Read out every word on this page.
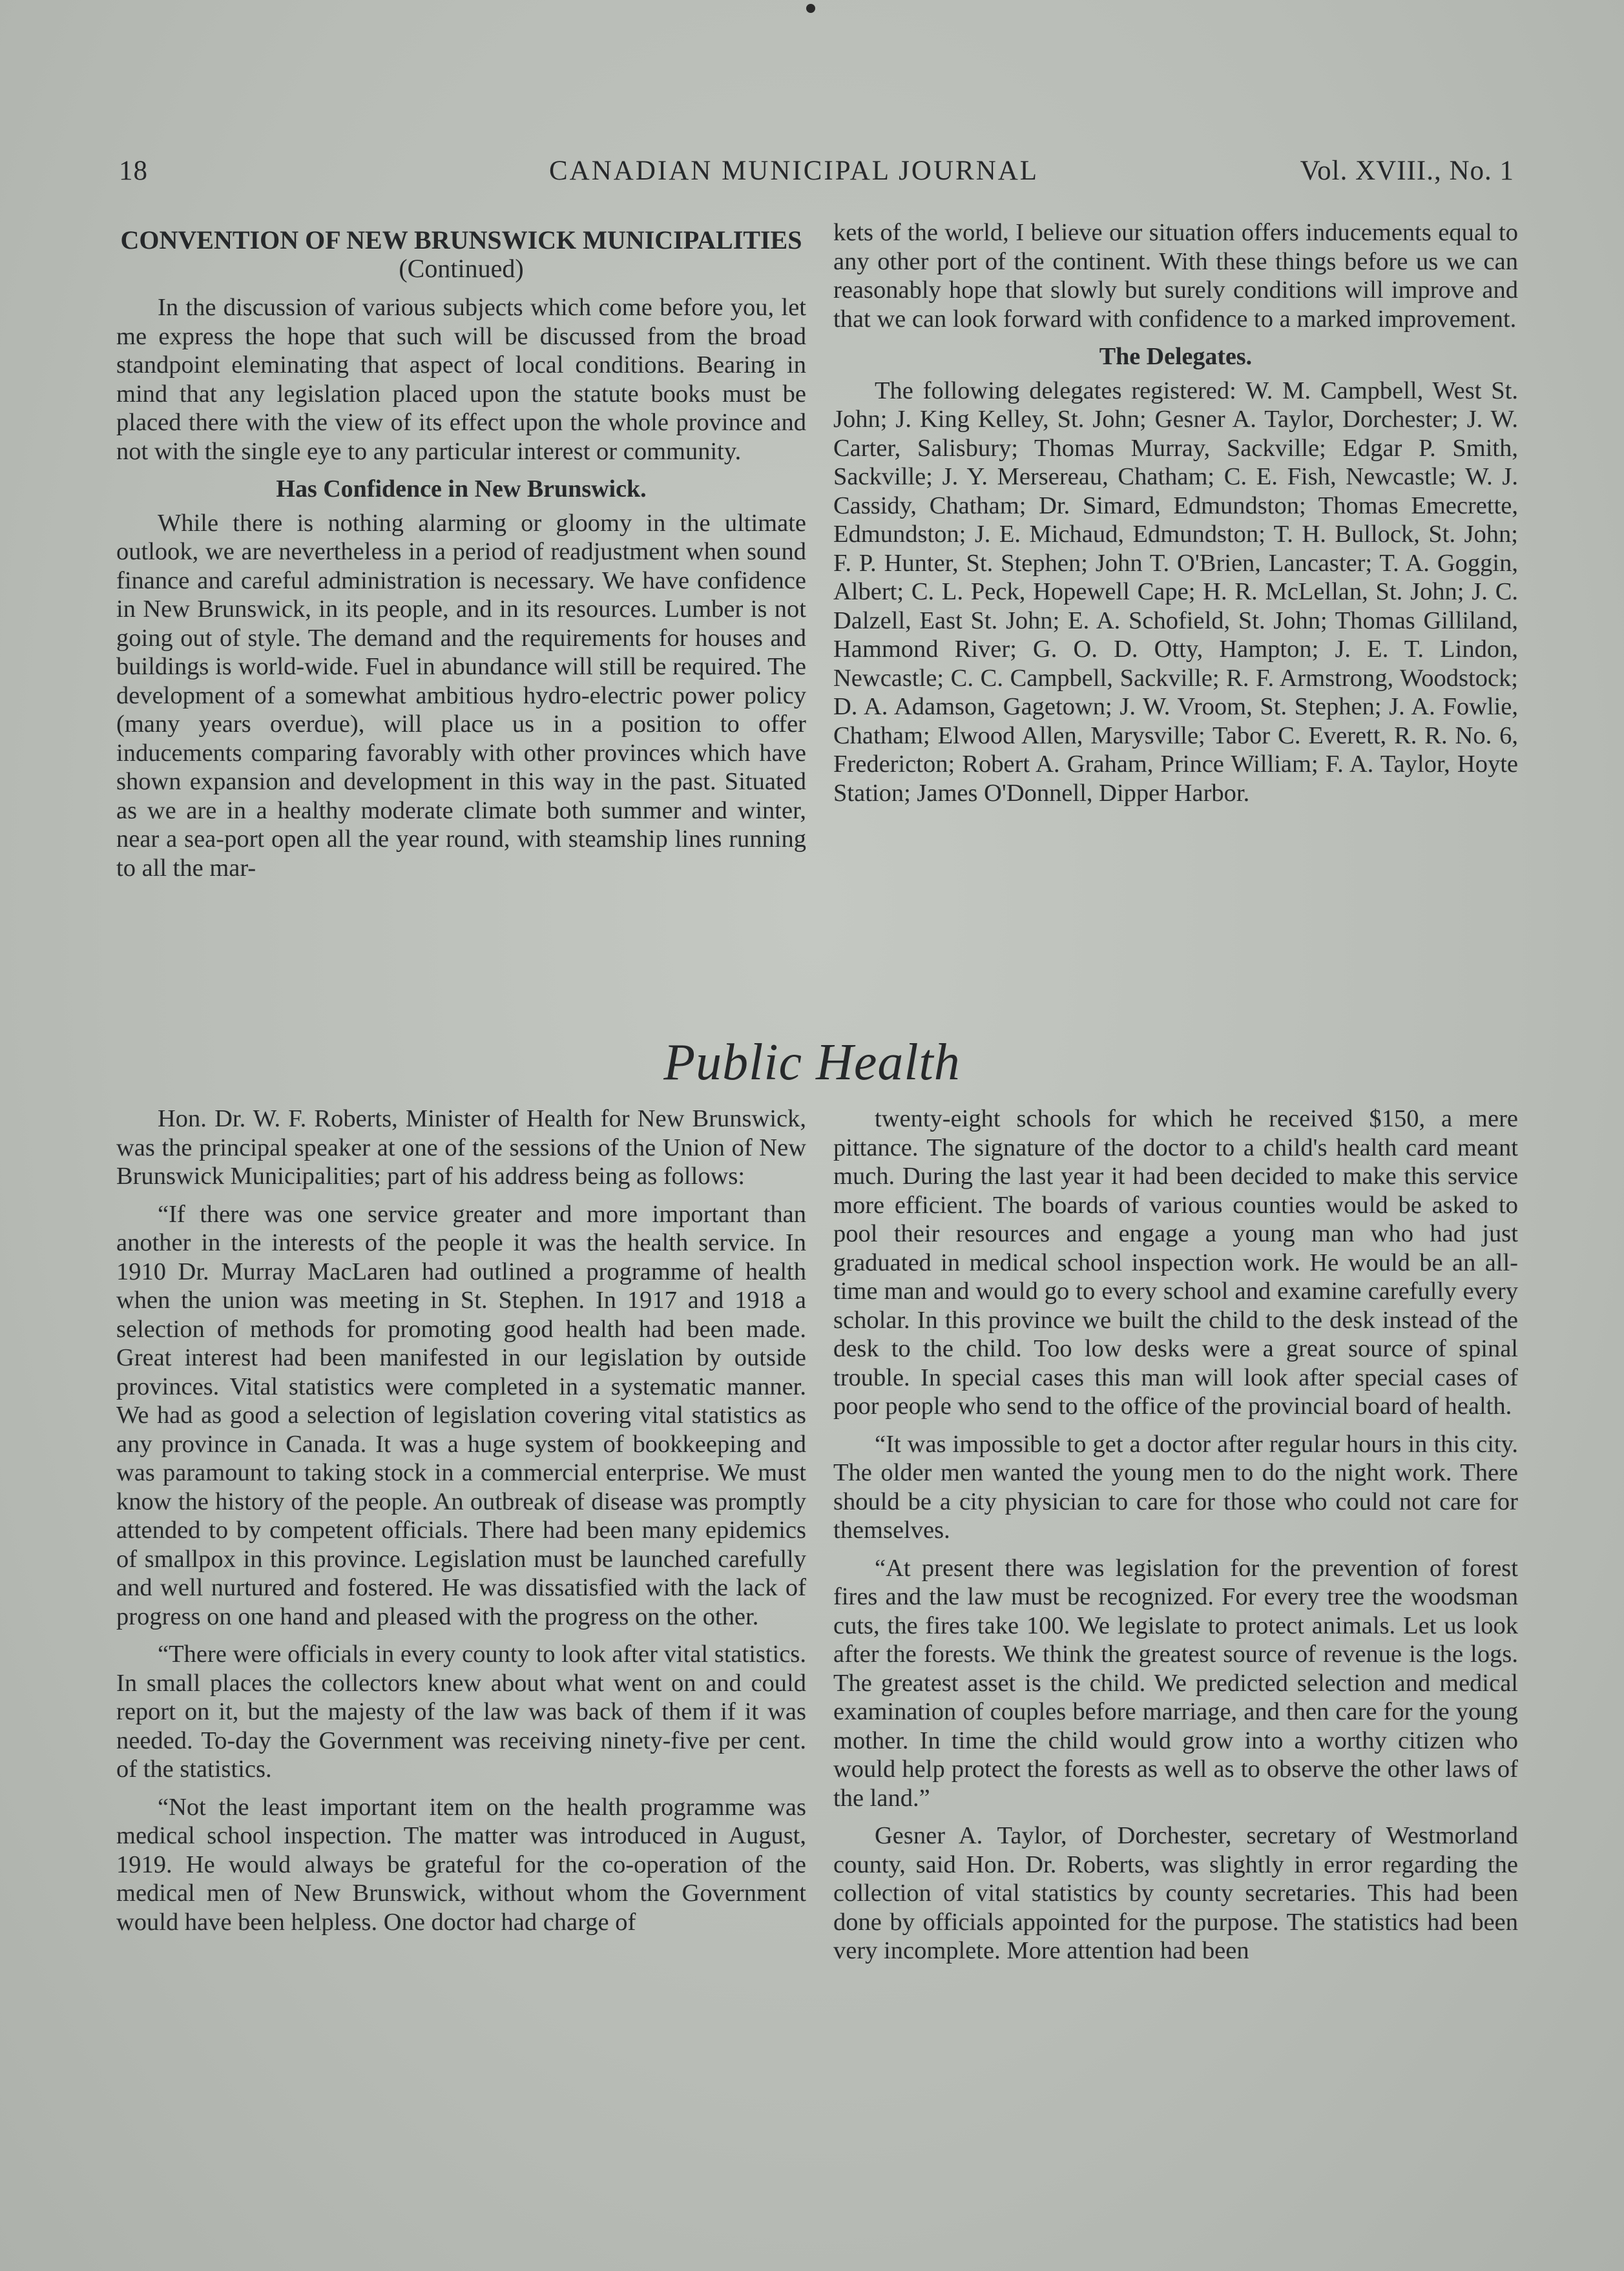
18	CANADIAN MUNICIPAL JOURNAL	Vol. XVIII., No. 1
CONVENTION OF NEW BRUNSWICK MUNICIPALITIES (Continued)

In the discussion of various subjects which come before you, let me express the hope that such will be discussed from the broad standpoint eleminating that aspect of local conditions. Bearing in mind that any legislation placed upon the statute books must be placed there with the view of its effect upon the whole province and not with the single eye to any particular interest or community.

Has Confidence in New Brunswick.

While there is nothing alarming or gloomy in the ultimate outlook, we are nevertheless in a period of readjustment when sound finance and careful administration is necessary. We have confidence in New Brunswick, in its people, and in its resources. Lumber is not going out of style. The demand and the requirements for houses and buildings is world-wide. Fuel in abundance will still be required. The development of a somewhat ambitious hydro-electric power policy (many years overdue), will place us in a position to offer inducements comparing favorably with other provinces which have shown expansion and development in this way in the past. Situated as we are in a healthy moderate climate both summer and winter, near a sea-port open all the year round, with steamship lines running to all the mar-

kets of the world, I believe our situation offers inducements equal to any other port of the continent. With these things before us we can reasonably hope that slowly but surely conditions will improve and that we can look forward with confidence to a marked improvement.

The Delegates.

The following delegates registered: W. M. Campbell, West St. John; J. King Kelley, St. John; Gesner A. Taylor, Dorchester; J. W. Carter, Salisbury; Thomas Murray, Sackville; Edgar P. Smith, Sackville; J. Y. Mersereau, Chatham; C. E. Fish, Newcastle; W. J. Cassidy, Chatham; Dr. Simard, Edmundston; Thomas Emecrette, Edmundston; J. E. Michaud, Edmundston; T. H. Bullock, St. John; F. P. Hunter, St. Stephen; John T. O'Brien, Lancaster; T. A. Goggin, Albert; C. L. Peck, Hopewell Cape; H. R. McLellan, St. John; J. C. Dalzell, East St. John; E. A. Schofield, St. John; Thomas Gilliland, Hammond River; G. O. D. Otty, Hampton; J. E. T. Lindon, Newcastle; C. C. Campbell, Sackville; R. F. Armstrong, Woodstock; D. A. Adamson, Gagetown; J. W. Vroom, St. Stephen; J. A. Fowlie, Chatham; Elwood Allen, Marysville; Tabor C. Everett, R. R. No. 6, Fredericton; Robert A. Graham, Prince William; F. A. Taylor, Hoyte Station; James O'Donnell, Dipper Harbor.

Public Health

Hon. Dr. W. F. Roberts, Minister of Health for New Brunswick, was the principal speaker at one of the sessions of the Union of New Brunswick Municipalities; part of his address being as follows:

“If there was one service greater and more important than another in the interests of the people it was the health service. In 1910 Dr. Murray MacLaren had outlined a programme of health when the union was meeting in St. Stephen. In 1917 and 1918 a selection of methods for promoting good health had been made. Great interest had been manifested in our legislation by outside provinces. Vital statistics were completed in a systematic manner. We had as good a selection of legislation covering vital statistics as any province in Canada. It was a huge system of bookkeeping and was paramount to taking stock in a commercial enterprise. We must know the history of the people. An outbreak of disease was promptly attended to by competent officials. There had been many epidemics of smallpox in this province. Legislation must be launched carefully and well nurtured and fostered. He was dissatisfied with the lack of progress on one hand and pleased with the progress on the other.

“There were officials in every county to look after vital statistics. In small places the collectors knew about what went on and could report on it, but the majesty of the law was back of them if it was needed. To-day the Government was receiving ninety-five per cent. of the statistics.

“Not the least important item on the health programme was medical school inspection. The matter was introduced in August, 1919. He would always be grateful for the co-operation of the medical men of New Brunswick, without whom the Government would have been helpless. One doctor had charge of

twenty-eight schools for which he received $150, a mere pittance. The signature of the doctor to a child's health card meant much. During the last year it had been decided to make this service more efficient. The boards of various counties would be asked to pool their resources and engage a young man who had just graduated in medical school inspection work. He would be an all-time man and would go to every school and examine carefully every scholar. In this province we built the child to the desk instead of the desk to the child. Too low desks were a great source of spinal trouble. In special cases this man will look after special cases of poor people who send to the office of the provincial board of health.

“It was impossible to get a doctor after regular hours in this city. The older men wanted the young men to do the night work. There should be a city physician to care for those who could not care for themselves.

“At present there was legislation for the prevention of forest fires and the law must be recognized. For every tree the woodsman cuts, the fires take 100. We legislate to protect animals. Let us look after the forests. We think the greatest source of revenue is the logs. The greatest asset is the child. We predicted selection and medical examination of couples before marriage, and then care for the young mother. In time the child would grow into a worthy citizen who would help protect the forests as well as to observe the other laws of the land.”

Gesner A. Taylor, of Dorchester, secretary of Westmorland county, said Hon. Dr. Roberts, was slightly in error regarding the collection of vital statistics by county secretaries. This had been done by officials appointed for the purpose. The statistics had been very incomplete. More attention had been
